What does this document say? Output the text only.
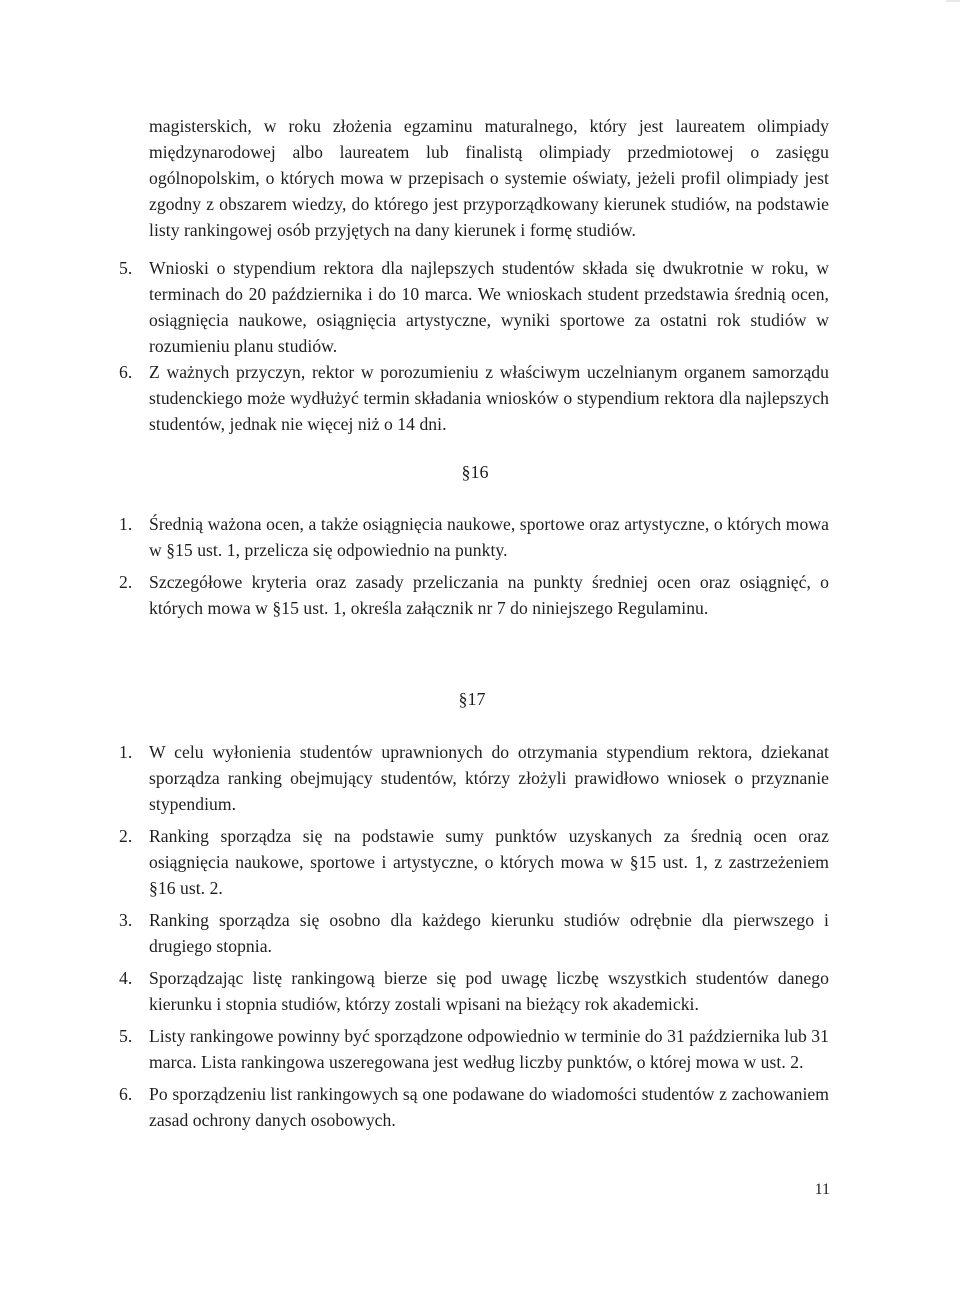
magisterskich, w roku złożenia egzaminu maturalnego, który jest laureatem olimpiady międzynarodowej albo laureatem lub finalistą olimpiady przedmiotowej o zasięgu ogólnopolskim, o których mowa w przepisach o systemie oświaty, jeżeli profil olimpiady jest zgodny z obszarem wiedzy, do którego jest przyporządkowany kierunek studiów, na podstawie listy rankingowej osób przyjętych na dany kierunek i formę studiów.

5. Wnioski o stypendium rektora dla najlepszych studentów składa się dwukrotnie w roku, w terminach do 20 października i do 10 marca. We wnioskach student przedstawia średnią ocen, osiągnięcia naukowe, osiągnięcia artystyczne, wyniki sportowe za ostatni rok studiów w rozumieniu planu studiów.
6. Z ważnych przyczyn, rektor w porozumieniu z właściwym uczelnianym organem samorządu studenckiego może wydłużyć termin składania wniosków o stypendium rektora dla najlepszych studentów, jednak nie więcej niż o 14 dni.
§16
1. Średnią ważona ocen, a także osiągnięcia naukowe, sportowe oraz artystyczne, o których mowa w §15 ust. 1, przelicza się odpowiednio na punkty.
2. Szczegółowe kryteria oraz zasady przeliczania na punkty średniej ocen oraz osiągnięć, o których mowa w §15 ust. 1, określa załącznik nr 7 do niniejszego Regulaminu.
§17
1. W celu wyłonienia studentów uprawnionych do otrzymania stypendium rektora, dziekanat sporządza ranking obejmujący studentów, którzy złożyli prawidłowo wniosek o przyznanie stypendium.
2. Ranking sporządza się na podstawie sumy punktów uzyskanych za średnią ocen oraz osiągnięcia naukowe, sportowe i artystyczne, o których mowa w §15 ust. 1, z zastrzeżeniem §16 ust. 2.
3. Ranking sporządza się osobno dla każdego kierunku studiów odrębnie dla pierwszego i drugiego stopnia.
4. Sporządzając listę rankingową bierze się pod uwagę liczbę wszystkich studentów danego kierunku i stopnia studiów, którzy zostali wpisani na bieżący rok akademicki.
5. Listy rankingowe powinny być sporządzone odpowiednio w terminie do 31 października lub 31 marca. Lista rankingowa uszeregowana jest według liczby punktów, o której mowa w ust. 2.
6. Po sporządzeniu list rankingowych są one podawane do wiadomości studentów z zachowaniem zasad ochrony danych osobowych.
11
